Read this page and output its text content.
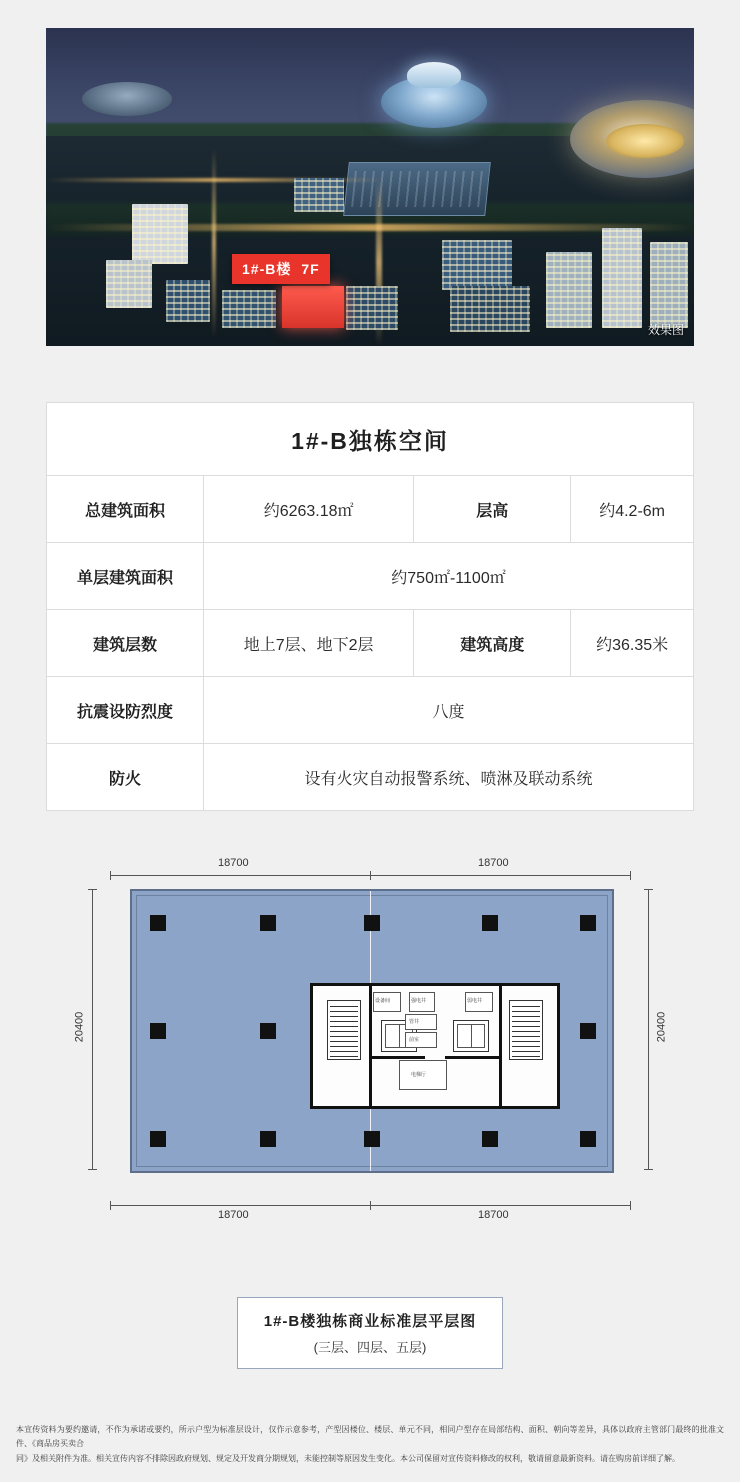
1#-B楼 7F
效果图
1#-B独栋空间			
总建筑面积	约6263.18㎡	层高	约4.2-6m
单层建筑面积	约750㎡-1100㎡		
建筑层数	地上7层、地下2层	建筑高度	约36.35米
抗震设防烈度	八度		
防火	设有火灾自动报警系统、喷淋及联动系统		
18700	18700
18700	18700
20400	20400
设备间	强电井	弱电井
管井
前室
电梯厅
1#-B楼独栋商业标准层平层图
(三层、四层、五层)
本宣传资料为要约邀请，不作为承诺或要约，所示户型为标准层设计，仅作示意参考，产型因楼位、楼层、单元不同，相同户型存在局部结构、面积、朝向等差异，具体以政府主管部门最终的批准文件、《商品房买卖合
同》及相关附件为准。相关宣传内容不排除因政府规划、规定及开发商分期规划，未能控制等原因发生变化。本公司保留对宣传资料修改的权利，敬请留意最新资料。请在购房前详细了解。
